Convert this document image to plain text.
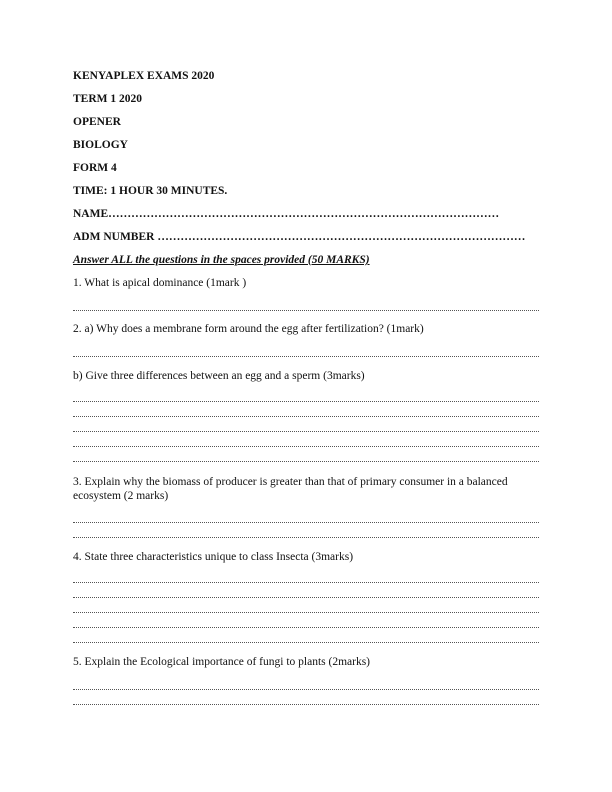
KENYAPLEX EXAMS 2020
TERM 1 2020
OPENER
BIOLOGY
FORM 4
TIME: 1 HOUR 30 MINUTES.
NAME…………………………………………………………………………………………
ADM NUMBER ……………………………………………………………………………………
Answer ALL the questions in the spaces provided (50 MARKS)
1. What is apical dominance (1mark )
2. a) Why does a membrane form around the egg after fertilization? (1mark)
b) Give three differences between an egg and a sperm (3marks)
3. Explain why the biomass of producer is greater than that of primary consumer in a balanced ecosystem (2 marks)
4. State three characteristics unique to class Insecta (3marks)
5. Explain the Ecological importance of fungi to plants (2marks)
